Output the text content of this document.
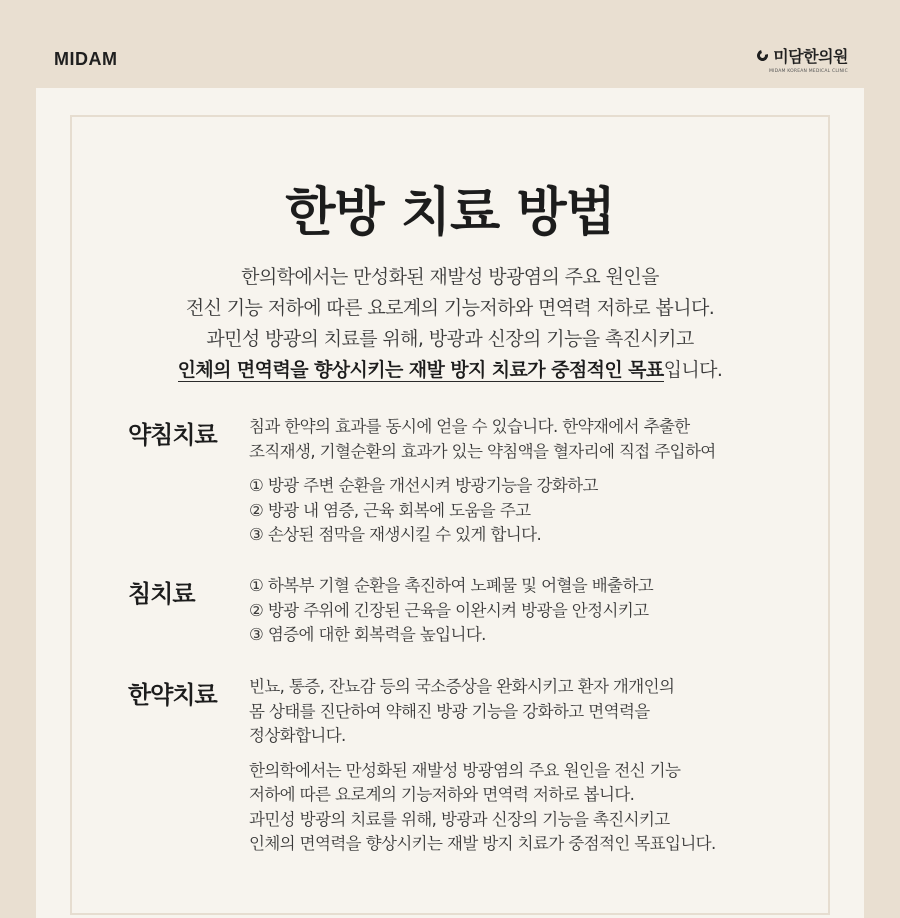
MIDAM	미담한의원
MIDAM KOREAN MEDICAL CLINIC
한방 치료 방법
한의학에서는 만성화된 재발성 방광염의 주요 원인을
전신 기능 저하에 따른 요로계의 기능저하와 면역력 저하로 봅니다.
과민성 방광의 치료를 위해, 방광과 신장의 기능을 촉진시키고
인체의 면역력을 향상시키는 재발 방지 치료가 중점적인 목표입니다.
약침치료 침과 한약의 효과를 동시에 얻을 수 있습니다. 한약재에서 추출한

조직재생, 기혈순환의 효과가 있는 약침액을 혈자리에 직접 주입하여

① 방광 주변 순환을 개선시켜 방광기능을 강화하고

② 방광 내 염증, 근육 회복에 도움을 주고

③ 손상된 점막을 재생시킬 수 있게 합니다.

침치료	① 하복부 기혈 순환을 촉진하여 노폐물 및 어혈을 배출하고

② 방광 주위에 긴장된 근육을 이완시켜 방광을 안정시키고

③ 염증에 대한 회복력을 높입니다.

한약치료 빈뇨, 통증, 잔뇨감 등의 국소증상을 완화시키고 환자 개개인의

몸 상태를 진단하여 약해진 방광 기능을 강화하고 면역력을

정상화합니다.

한의학에서는 만성화된 재발성 방광염의 주요 원인을 전신 기능

저하에 따른 요로계의 기능저하와 면역력 저하로 봅니다.

과민성 방광의 치료를 위해, 방광과 신장의 기능을 촉진시키고

인체의 면역력을 향상시키는 재발 방지 치료가 중점적인 목표입니다.
